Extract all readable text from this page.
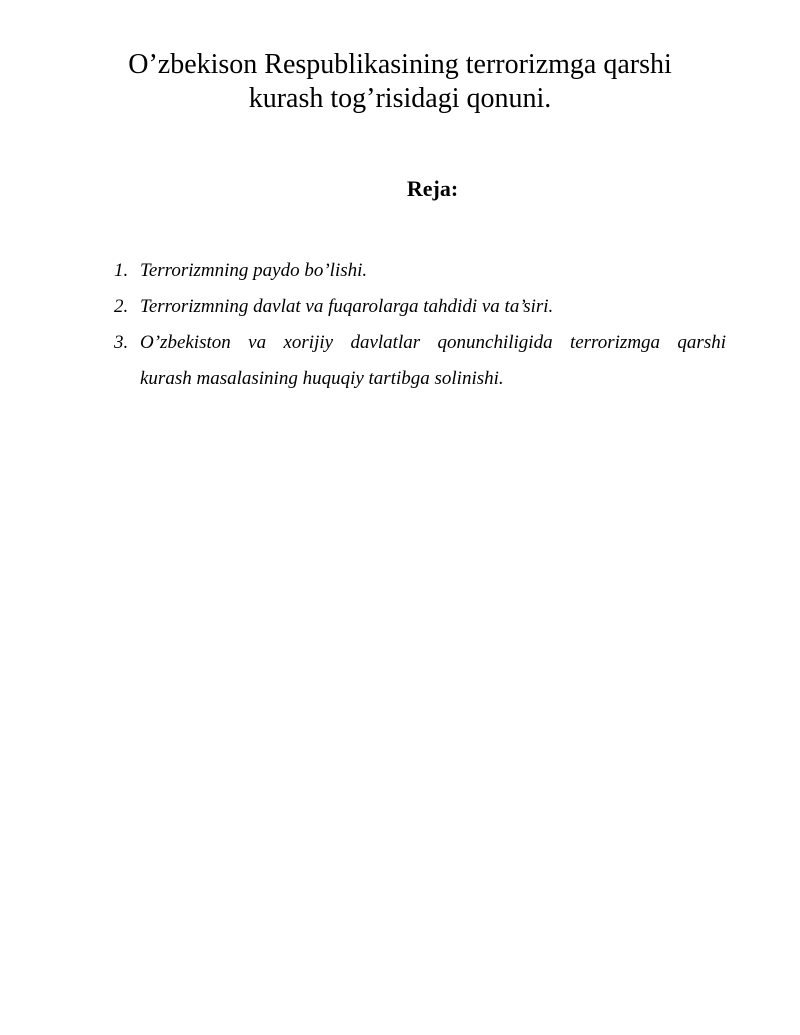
O’zbekison Respublikasining terrorizmga qarshi
kurash tog’risidagi qonuni.
Reja:
1. Terrorizmning paydo bo’lishi.
2. Terrorizmning davlat va fuqarolarga tahdidi va ta’siri.
3. O’zbekiston va xorijiy davlatlar qonunchiligida terrorizmga qarshi
kurash masalasining huquqiy tartibga solinishi.
